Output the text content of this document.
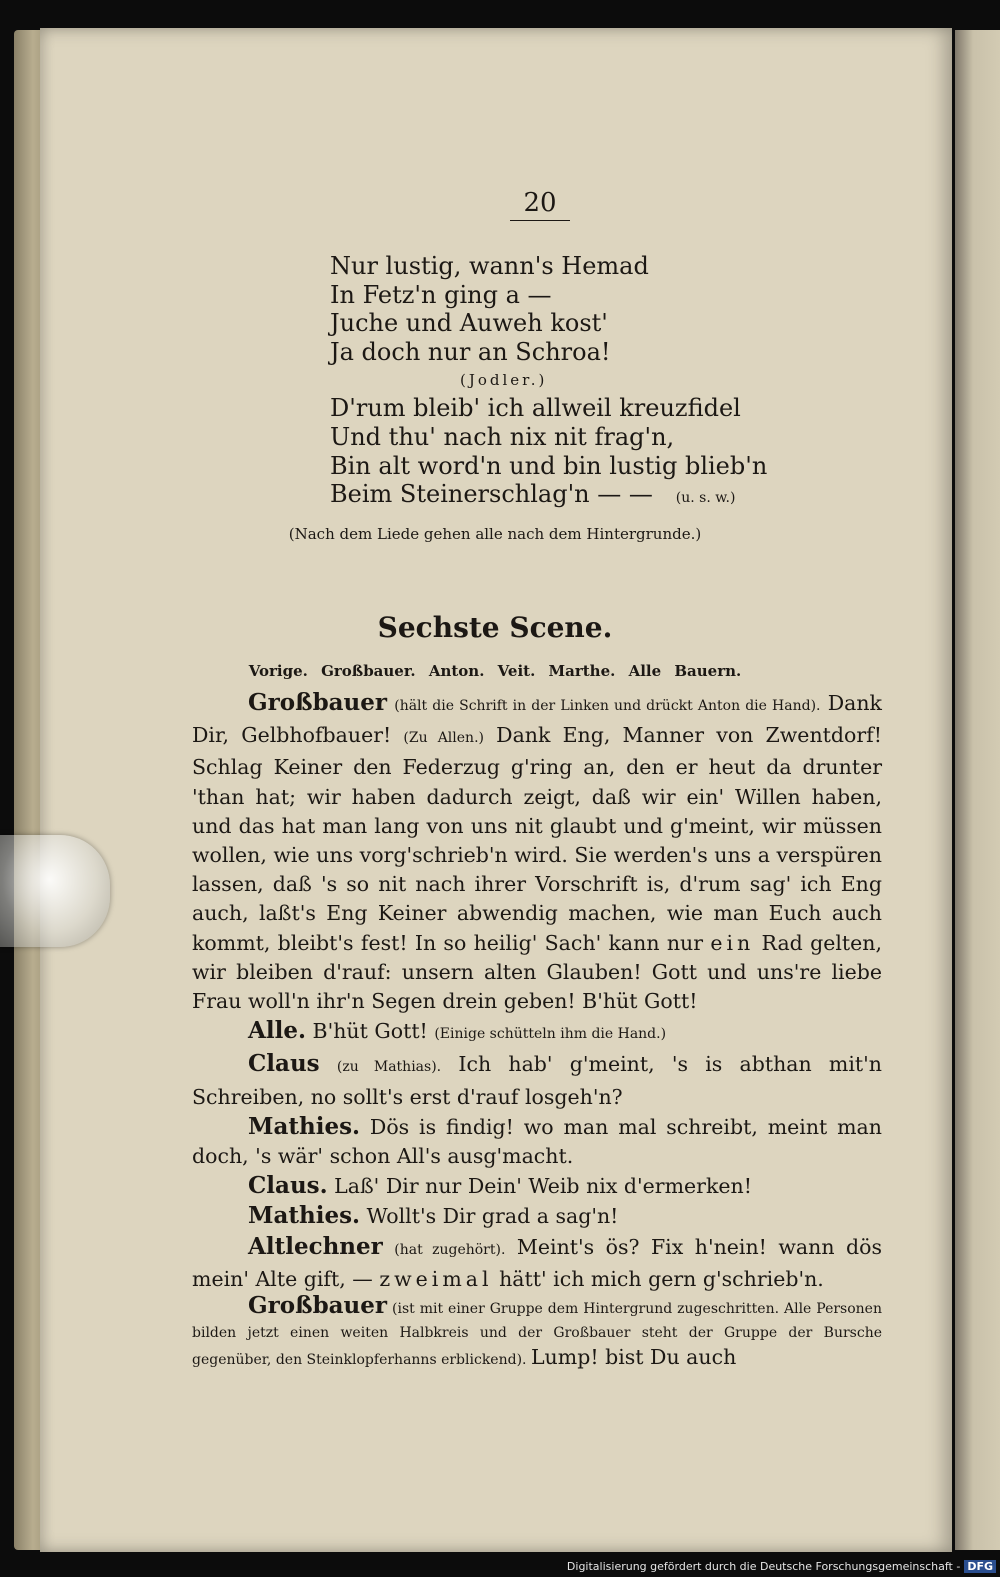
20
Nur lustig, wann's Hemad
In Fetz'n ging a —
Juche und Auweh kost'
Ja doch nur an Schroa!
(Jodler.)
D'rum bleib' ich allweil kreuzfidel
Und thu' nach nix nit frag'n,
Bin alt word'n und bin lustig blieb'n
Beim Steinerschlag'n — — (u. s. w.)
(Nach dem Liede gehen alle nach dem Hintergrunde.)
Sechste Scene.
Vorige. Großbauer. Anton. Veit. Marthe. Alle Bauern.

Großbauer (hält die Schrift in der Linken und drückt Anton die Hand). Dank Dir, Gelbhofbauer! (Zu Allen.) Dank Eng, Manner von Zwentdorf! Schlag Keiner den Federzug g'ring an, den er heut da drunter 'than hat; wir haben dadurch zeigt, daß wir ein' Willen haben, und das hat man lang von uns nit glaubt und g'meint, wir müssen wollen, wie uns vorg'schrieb'n wird. Sie werden's uns a verspüren lassen, daß 's so nit nach ihrer Vorschrift is, d'rum sag' ich Eng auch, laßt's Eng Keiner abwendig machen, wie man Euch auch kommt, bleibt's fest! In so heilig' Sach' kann nur ein Rad gelten, wir bleiben d'rauf: unsern alten Glauben! Gott und uns're liebe Frau woll'n ihr'n Segen drein geben! B'hüt Gott!

Alle. B'hüt Gott! (Einige schütteln ihm die Hand.)

Claus (zu Mathias). Ich hab' g'meint, 's is abthan mit'n Schreiben, no sollt's erst d'rauf losgeh'n?

Mathies. Dös is findig! wo man mal schreibt, meint man doch, 's wär' schon All's ausg'macht.

Claus. Laß' Dir nur Dein' Weib nix d'ermerken!

Mathies. Wollt's Dir grad a sag'n!

Altlechner (hat zugehört). Meint's ös? Fix h'nein! wann dös mein' Alte gift, — zweimal hätt' ich mich gern g'schrieb'n.

Großbauer (ist mit einer Gruppe dem Hintergrund zugeschritten. Alle Personen bilden jetzt einen weiten Halbkreis und der Großbauer steht der Gruppe der Bursche gegenüber, den Steinklopferhanns erblickend). Lump! bist Du auch

Digitalisierung gefördert durch die Deutsche Forschungsgemeinschaft - DFG
